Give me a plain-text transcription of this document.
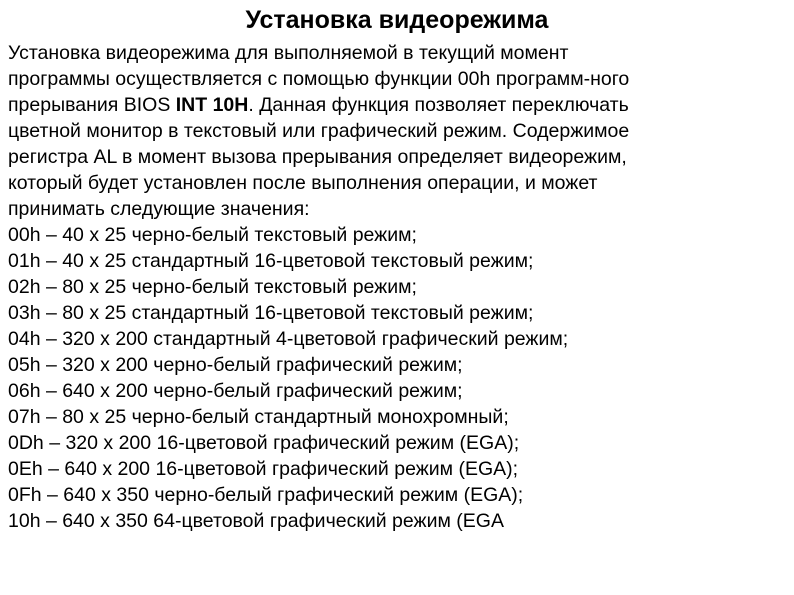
Установка видеорежима
Установка видеорежима для выполняемой в текущий момент
программы осуществляется с помощью функции 00h программ-ного
прерывания BIOS INT 10H. Данная функция позволяет переключать
цветной монитор в текстовый или графический режим. Содержимое
регистра AL в момент вызова прерывания определяет видеорежим,
который будет установлен после выполнения операции, и может
принимать следующие значения:
00h – 40 x 25 черно-белый текстовый режим;
01h – 40 x 25 стандартный 16-цветовой текстовый режим;
02h – 80 x 25 черно-белый текстовый режим;
03h – 80 x 25 стандартный 16-цветовой текстовый режим;
04h – 320 x 200 стандартный 4-цветовой графический режим;
05h – 320 x 200 черно-белый графический режим;
06h – 640 x 200 черно-белый графический режим;
07h – 80 x 25 черно-белый стандартный монохромный;
0Dh – 320 x 200 16-цветовой графический режим (EGA);
0Eh – 640 x 200 16-цветовой графический режим (EGA);
0Fh – 640 x 350 черно-белый графический режим (EGA);
10h – 640 x 350 64-цветовой графический режим (EGA
